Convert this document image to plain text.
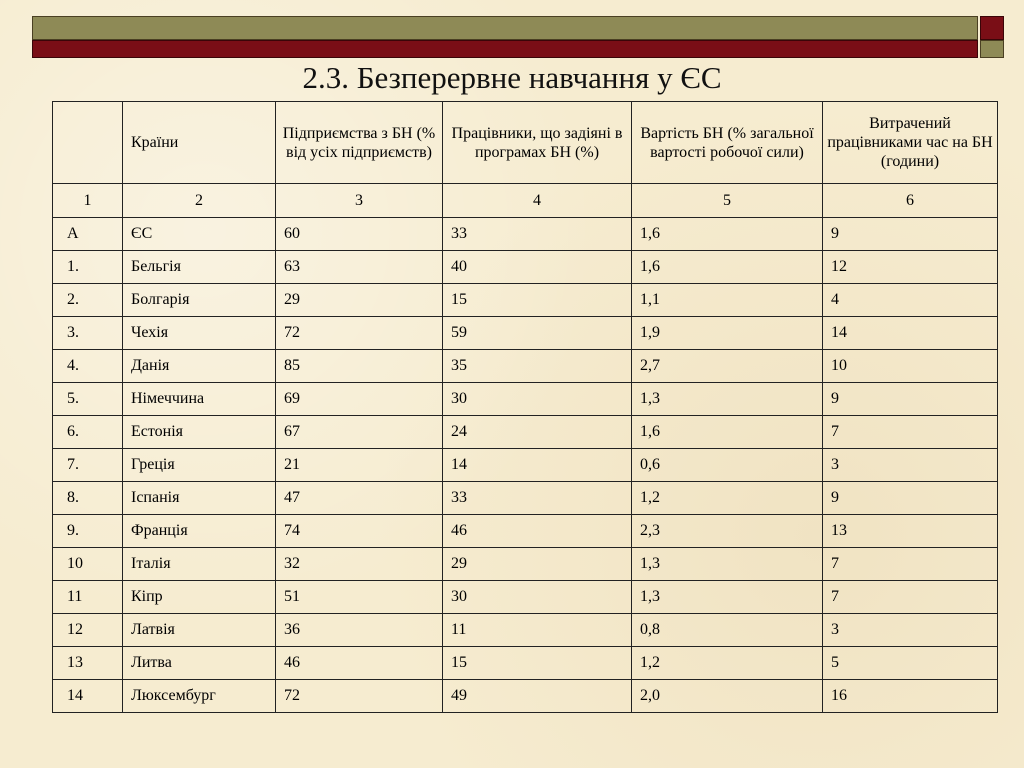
2.3. Безперервне навчання у ЄС
	Країни	Підприємства з БН (% від усіх підприємств)	Працівники, що задіяні в програмах БН (%)	Вартість БН (% загальної вартості робочої сили)	Витрачений працівниками час на БН (години)
1	2	3	4	5	6
А	ЄС	60	33	1,6	9
1.	Бельгія	63	40	1,6	12
2.	Болгарія	29	15	1,1	4
3.	Чехія	72	59	1,9	14
4.	Данія	85	35	2,7	10
5.	Німеччина	69	30	1,3	9
6.	Естонія	67	24	1,6	7
7.	Греція	21	14	0,6	3
8.	Іспанія	47	33	1,2	9
9.	Франція	74	46	2,3	13
10	Італія	32	29	1,3	7
11	Кіпр	51	30	1,3	7
12	Латвія	36	11	0,8	3
13	Литва	46	15	1,2	5
14	Люксембург	72	49	2,0	16
